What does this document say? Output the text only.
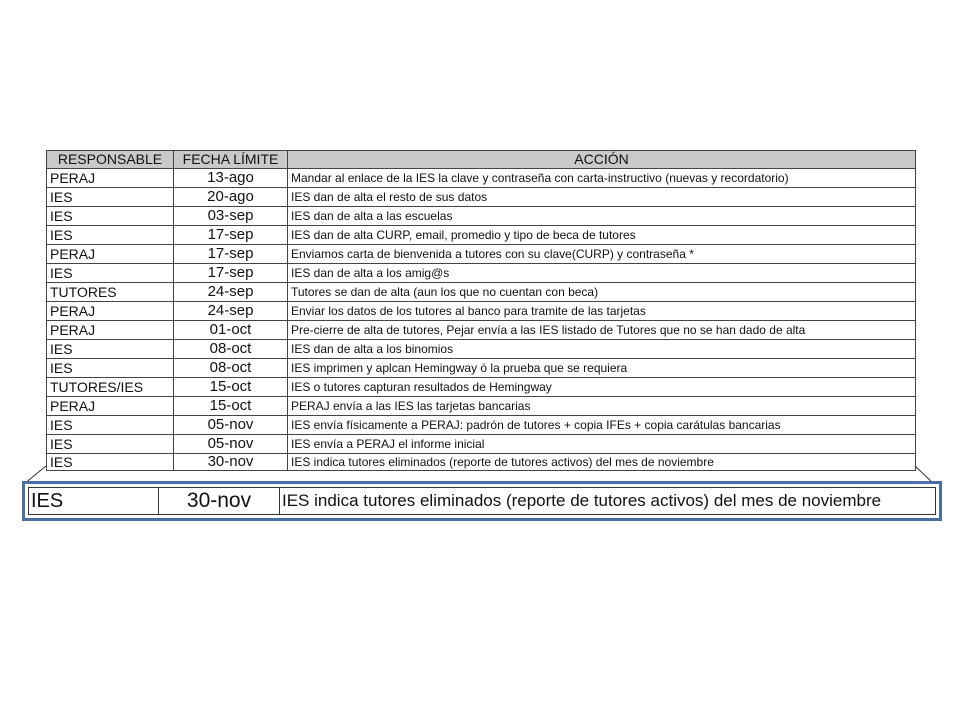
RESPONSABLE	FECHA LÍMITE	ACCIÓN
PERAJ	13-ago	Mandar al enlace de la IES la clave y contraseña con carta-instructivo (nuevas y recordatorio)
IES	20-ago	IES dan de alta el resto de sus datos
IES	03-sep	IES dan de alta a las escuelas
IES	17-sep	IES dan de alta CURP, email, promedio y tipo de beca de tutores
PERAJ	17-sep	Enviamos carta de bienvenida a tutores con su clave(CURP) y contraseña *
IES	17-sep	IES dan de alta a los amig@s
TUTORES	24-sep	Tutores se dan de alta (aun los que no cuentan con beca)
PERAJ	24-sep	Enviar los datos de los tutores al banco para tramite de las tarjetas
PERAJ	01-oct	Pre-cierre de alta de tutores, Pejar envía a las IES listado de Tutores que no se han dado de alta
IES	08-oct	IES dan de alta a los binomios
IES	08-oct	IES imprimen y aplcan Hemingway ó la prueba que se requiera
TUTORES/IES	15-oct	IES o tutores capturan resultados de Hemingway
PERAJ	15-oct	PERAJ envía a las IES las tarjetas bancarias
IES	05-nov	IES envía físicamente a PERAJ: padrón de tutores + copia IFEs + copia carátulas bancarias
IES	05-nov	IES envía a PERAJ el informe inicial
IES	30-nov	IES indica tutores eliminados (reporte de tutores activos) del mes de noviembre
IES	30-nov	IES indica tutores eliminados (reporte de tutores activos) del mes de noviembre
